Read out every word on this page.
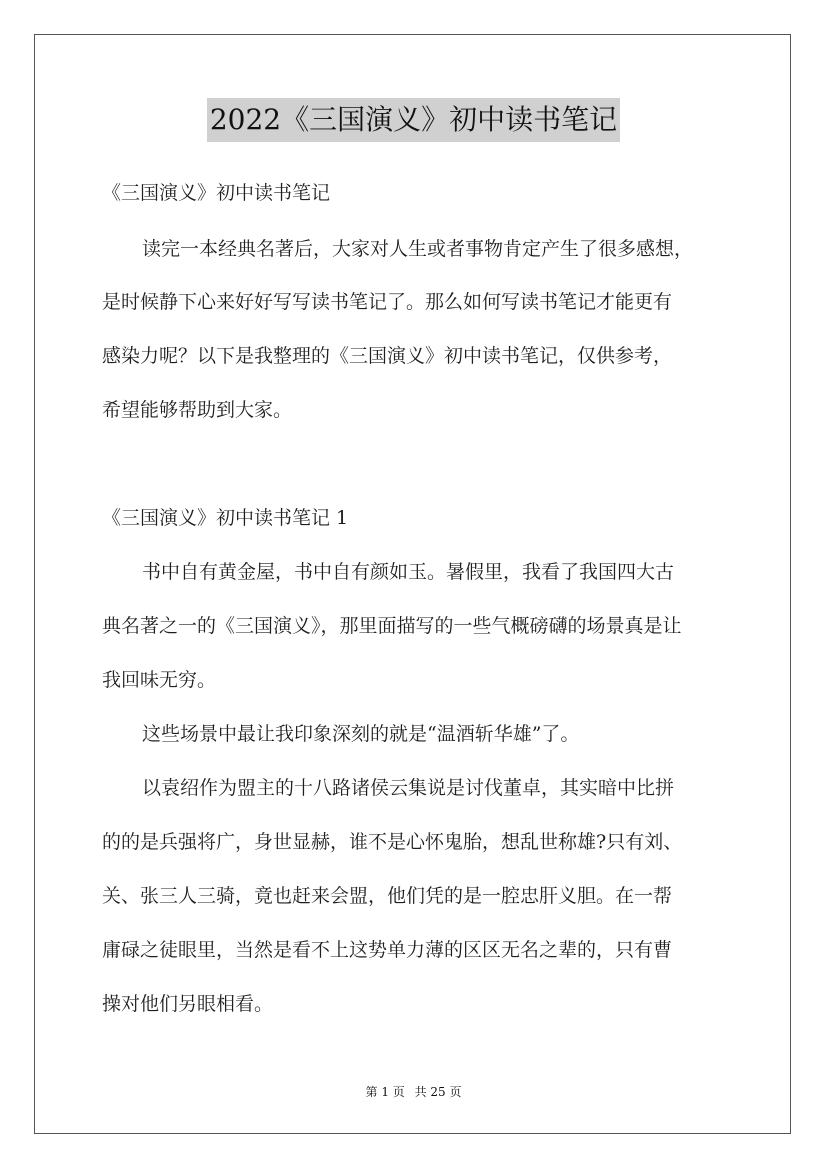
2022《三国演义》初中读书笔记
《三国演义》初中读书笔记
读完一本经典名著后，大家对人生或者事物肯定产生了很多感想，
是时候静下心来好好写写读书笔记了。那么如何写读书笔记才能更有
感染力呢？以下是我整理的《三国演义》初中读书笔记，仅供参考，
希望能够帮助到大家。
《三国演义》初中读书笔记 1
书中自有黄金屋，书中自有颜如玉。暑假里，我看了我国四大古
典名著之一的《三国演义》，那里面描写的一些气概磅礴的场景真是让
我回味无穷。
这些场景中最让我印象深刻的就是“温酒斩华雄”了。
以袁绍作为盟主的十八路诸侯云集说是讨伐董卓，其实暗中比拼
的的是兵强将广，身世显赫，谁不是心怀鬼胎，想乱世称雄?只有刘、
关、张三人三骑，竟也赶来会盟，他们凭的是一腔忠肝义胆。在一帮
庸碌之徒眼里，当然是看不上这势单力薄的区区无名之辈的，只有曹
操对他们另眼相看。
第 1 页 共 25 页
